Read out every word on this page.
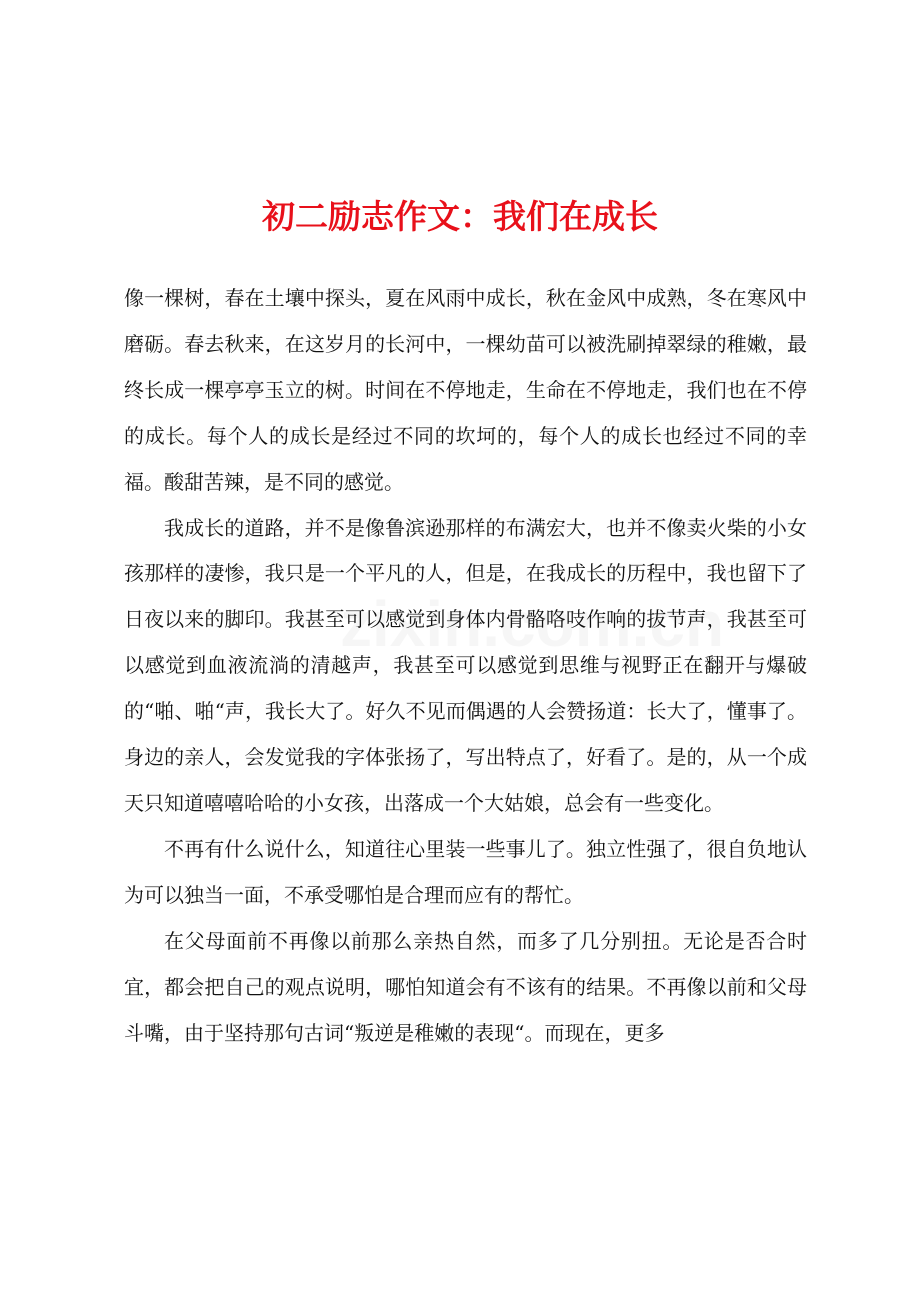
初二励志作文：我们在成长

像一棵树，春在土壤中探头，夏在风雨中成长，秋在金风中成熟，冬在寒风中磨砺。春去秋来，在这岁月的长河中，一棵幼苗可以被洗刷掉翠绿的稚嫩，最终长成一棵亭亭玉立的树。时间在不停地走，生命在不停地走，我们也在不停的成长。每个人的成长是经过不同的坎坷的，每个人的成长也经过不同的幸福。酸甜苦辣，是不同的感觉。

我成长的道路，并不是像鲁滨逊那样的布满宏大，也并不像卖火柴的小女孩那样的凄惨，我只是一个平凡的人，但是，在我成长的历程中，我也留下了日夜以来的脚印。我甚至可以感觉到身体内骨骼咯吱作响的拔节声，我甚至可以感觉到血液流淌的清越声，我甚至可以感觉到思维与视野正在翻开与爆破的“啪、啪“声，我长大了。好久不见而偶遇的人会赞扬道：长大了，懂事了。身边的亲人，会发觉我的字体张扬了，写出特点了，好看了。是的，从一个成天只知道嘻嘻哈哈的小女孩，出落成一个大姑娘，总会有一些变化。

不再有什么说什么，知道往心里装一些事儿了。独立性强了，很自负地认为可以独当一面，不承受哪怕是合理而应有的帮忙。

在父母面前不再像以前那么亲热自然，而多了几分别扭。无论是否合时宜，都会把自己的观点说明，哪怕知道会有不该有的结果。不再像以前和父母斗嘴，由于坚持那句古词“叛逆是稚嫩的表现“。而现在，更多
